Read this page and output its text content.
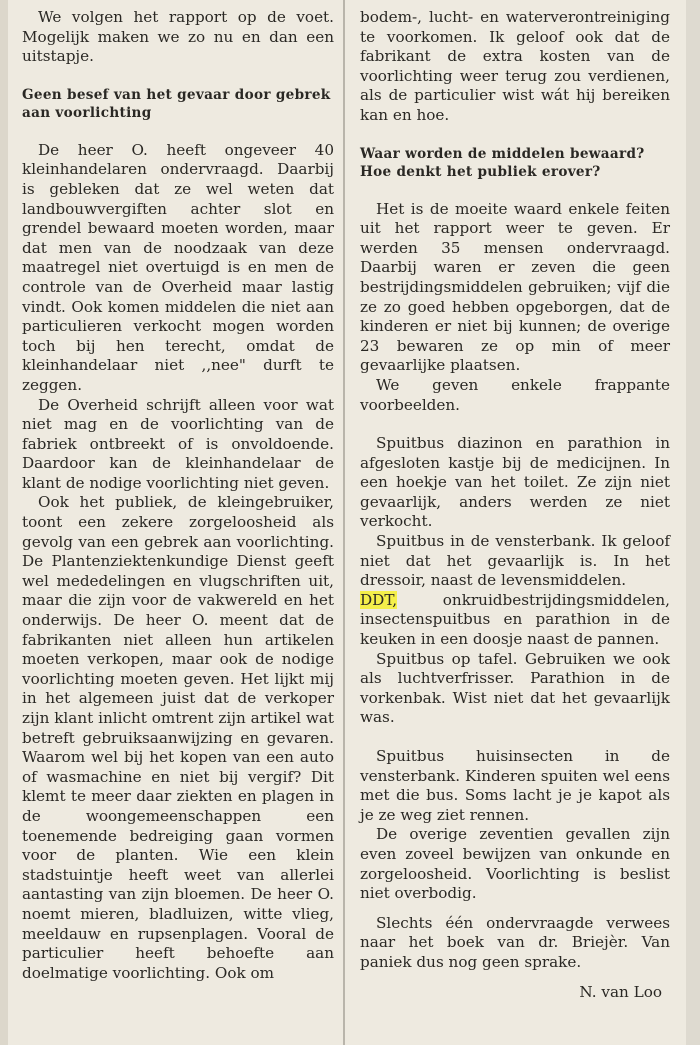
We volgen het rapport op de voet. Mogelijk maken we zo nu en dan een uitstapje.

Geen besef van het gevaar door gebrek aan voorlichting

De heer O. heeft ongeveer 40 kleinhandelaren ondervraagd. Daarbij is gebleken dat ze wel weten dat landbouwvergiften achter slot en grendel bewaard moeten worden, maar dat men van de noodzaak van deze maatregel niet overtuigd is en men de controle van de Overheid maar lastig vindt. Ook komen middelen die niet aan particulieren verkocht mogen worden toch bij hen terecht, omdat de kleinhandelaar niet ,,nee" durft te zeggen.

De Overheid schrijft alleen voor wat niet mag en de voorlichting van de fabriek ontbreekt of is onvoldoende. Daardoor kan de kleinhandelaar de klant de nodige voorlichting niet geven.

Ook het publiek, de kleingebruiker, toont een zekere zorgeloosheid als gevolg van een gebrek aan voorlichting. De Plantenziektenkundige Dienst geeft wel mededelingen en vlugschriften uit, maar die zijn voor de vakwereld en het onderwijs. De heer O. meent dat de fabrikanten niet alleen hun artikelen moeten verkopen, maar ook de nodige voorlichting moeten geven. Het lijkt mij in het algemeen juist dat de verkoper zijn klant inlicht omtrent zijn artikel wat betreft gebruiksaanwijzing en gevaren. Waarom wel bij het kopen van een auto of wasmachine en niet bij vergif? Dit klemt te meer daar ziekten en plagen in de woongemeenschappen een toenemende bedreiging gaan vormen voor de planten. Wie een klein stadstuintje heeft weet van allerlei aantasting van zijn bloemen. De heer O. noemt mieren, bladluizen, witte vlieg, meeldauw en rupsenplagen. Vooral de particulier heeft behoefte aan doelmatige voorlichting. Ook om

bodem-, lucht- en waterverontreiniging te voorkomen. Ik geloof ook dat de fabrikant de extra kosten van de voorlichting weer terug zou verdienen, als de particulier wist wát hij bereiken kan en hoe.

Waar worden de middelen bewaard? Hoe denkt het publiek erover?

Het is de moeite waard enkele feiten uit het rapport weer te geven. Er werden 35 mensen ondervraagd. Daarbij waren er zeven die geen bestrijdingsmiddelen gebruiken; vijf die ze zo goed hebben opgeborgen, dat de kinderen er niet bij kunnen; de overige 23 bewaren ze op min of meer gevaarlijke plaatsen.

We geven enkele frappante voorbeelden.

Spuitbus diazinon en parathion in afgesloten kastje bij de medicijnen. In een hoekje van het toilet. Ze zijn niet gevaarlijk, anders werden ze niet verkocht.

Spuitbus in de vensterbank. Ik geloof niet dat het gevaarlijk is. In het dressoir, naast de levensmiddelen.

DDT, onkruidbestrijdingsmiddelen, insectenspuitbus en parathion in de keuken in een doosje naast de pannen.

Spuitbus op tafel. Gebruiken we ook als luchtverfrisser. Parathion in de vorkenbak. Wist niet dat het gevaarlijk was.

Spuitbus huisinsecten in de vensterbank. Kinderen spuiten wel eens met die bus. Soms lacht je je kapot als je ze weg ziet rennen.

De overige zeventien gevallen zijn even zoveel bewijzen van onkunde en zorgeloosheid. Voorlichting is beslist niet overbodig.

Slechts één ondervraagde verwees naar het boek van dr. Briejèr. Van paniek dus nog geen sprake.

N. van Loo
